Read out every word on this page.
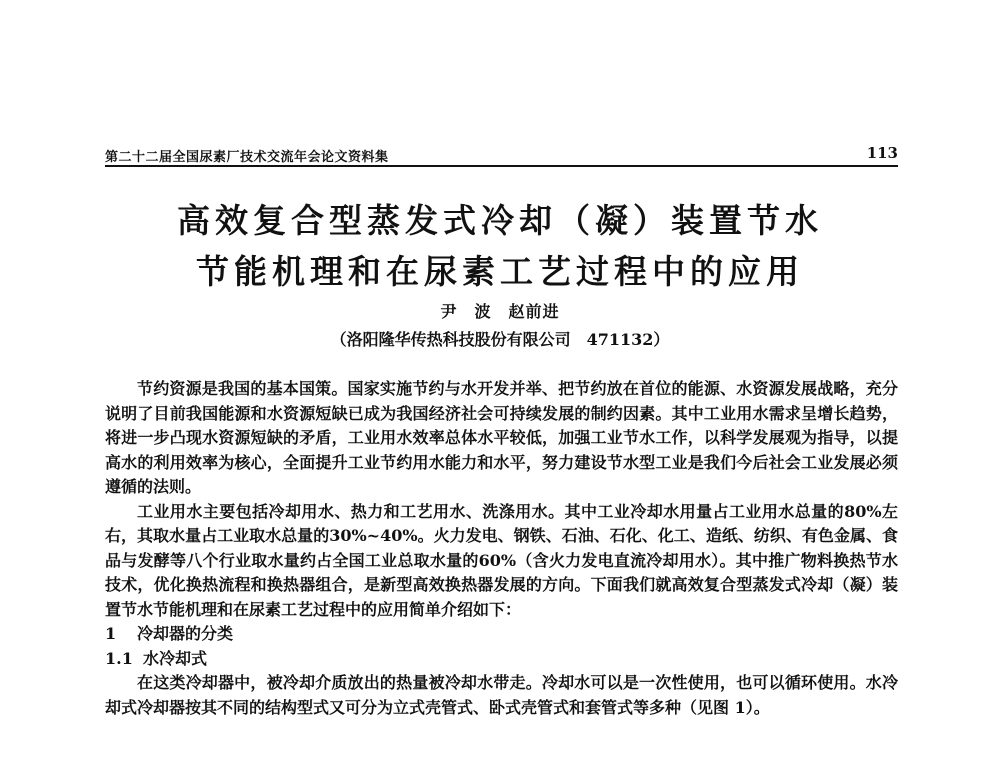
第二十二届全国尿素厂技术交流年会论文资料集	113
高效复合型蒸发式冷却（凝）装置节水
节能机理和在尿素工艺过程中的应用
尹　波　赵前进
（洛阳隆华传热科技股份有限公司　471132）

节约资源是我国的基本国策。国家实施节约与水开发并举、把节约放在首位的能源、水资源发展战略，充分说明了目前我国能源和水资源短缺已成为我国经济社会可持续发展的制约因素。其中工业用水需求呈增长趋势，将进一步凸现水资源短缺的矛盾，工业用水效率总体水平较低，加强工业节水工作，以科学发展观为指导，以提高水的利用效率为核心，全面提升工业节约用水能力和水平，努力建设节水型工业是我们今后社会工业发展必须遵循的法则。

工业用水主要包括冷却用水、热力和工艺用水、洗涤用水。其中工业冷却水用量占工业用水总量的80%左右，其取水量占工业取水总量的30%~40%。火力发电、钢铁、石油、石化、化工、造纸、纺织、有色金属、食品与发酵等八个行业取水量约占全国工业总取水量的60%（含火力发电直流冷却用水）。其中推广物料换热节水技术，优化换热流程和换热器组合，是新型高效换热器发展的方向。下面我们就高效复合型蒸发式冷却（凝）装置节水节能机理和在尿素工艺过程中的应用简单介绍如下：

1 冷却器的分类

1.1 水冷却式

在这类冷却器中，被冷却介质放出的热量被冷却水带走。冷却水可以是一次性使用，也可以循环使用。水冷却式冷却器按其不同的结构型式又可分为立式壳管式、卧式壳管式和套管式等多种（见图 1）。
